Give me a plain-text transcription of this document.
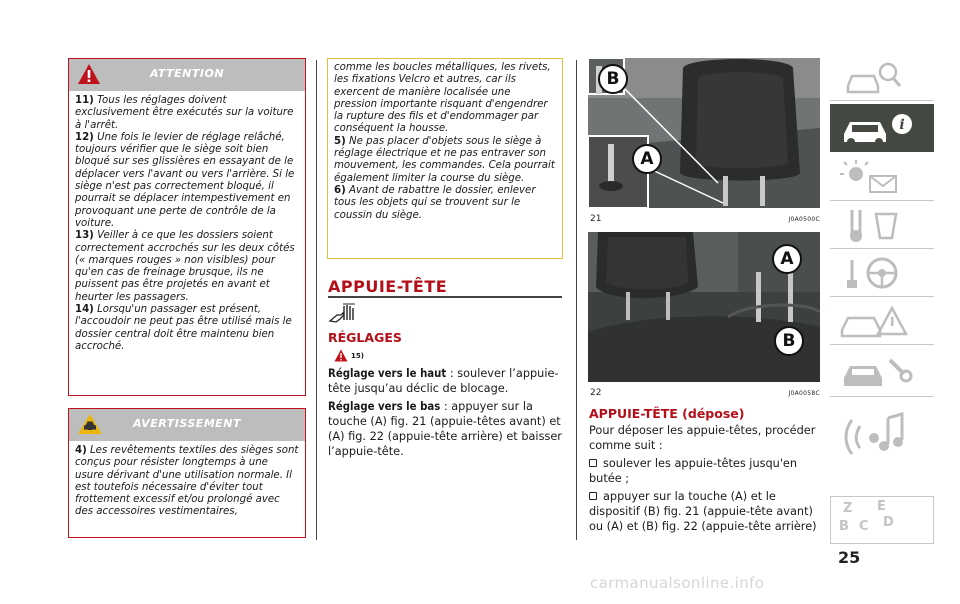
ATTENTION

11) Tous les réglages doivent exclusivement être exécutés sur la voiture à l'arrêt.

12) Une fois le levier de réglage relâché, toujours vérifier que le siège soit bien bloqué sur ses glissières en essayant de le déplacer vers l'avant ou vers l'arrière. Si le siège n'est pas correctement bloqué, il pourrait se déplacer intempestivement en provoquant une perte de contrôle de la voiture.

13) Veiller à ce que les dossiers soient correctement accrochés sur les deux côtés (« marques rouges » non visibles) pour qu'en cas de freinage brusque, ils ne puissent pas être projetés en avant et heurter les passagers.

14) Lorsqu'un passager est présent, l'accoudoir ne peut pas être utilisé mais le dossier central doit être maintenu bien accroché.

AVERTISSEMENT

4) Les revêtements textiles des sièges sont conçus pour résister longtemps à une usure dérivant d'une utilisation normale. Il est toutefois nécessaire d'éviter tout frottement excessif et/ou prolongé avec des accessoires vestimentaires,

comme les boucles métalliques, les rivets, les fixations Velcro et autres, car ils exercent de manière localisée une pression importante risquant d'engendrer la rupture des fils et d'endommager par conséquent la housse.

5) Ne pas placer d'objets sous le siège à réglage électrique et ne pas entraver son mouvement, les commandes. Cela pourrait également limiter la course du siège.

6) Avant de rabattre le dossier, enlever tous les objets qui se trouvent sur le coussin du siège.

APPUIE-TÊTE
RÉGLAGES
15)

Réglage vers le haut : soulever l’appuie-tête jusqu’au déclic de blocage.

Réglage vers le bas : appuyer sur la touche (A) fig. 21 (appuie-têtes avant) et (A) fig. 22 (appuie-tête arrière) et baisser l’appuie-tête.

B
A
21	J0A0500C
A
B
22	J0A0058C
APPUIE-TÊTE (dépose)

Pour déposer les appuie-têtes, procéder comme suit :

soulever les appuie-têtes jusqu'en butée ;

appuyer sur la touche (A) et le dispositif (B) fig. 21 (appuie-tête avant) ou (A) et (B) fig. 22 (appuie-tête arrière)

i
Z E
B C D
25
carmanualsonline.info
